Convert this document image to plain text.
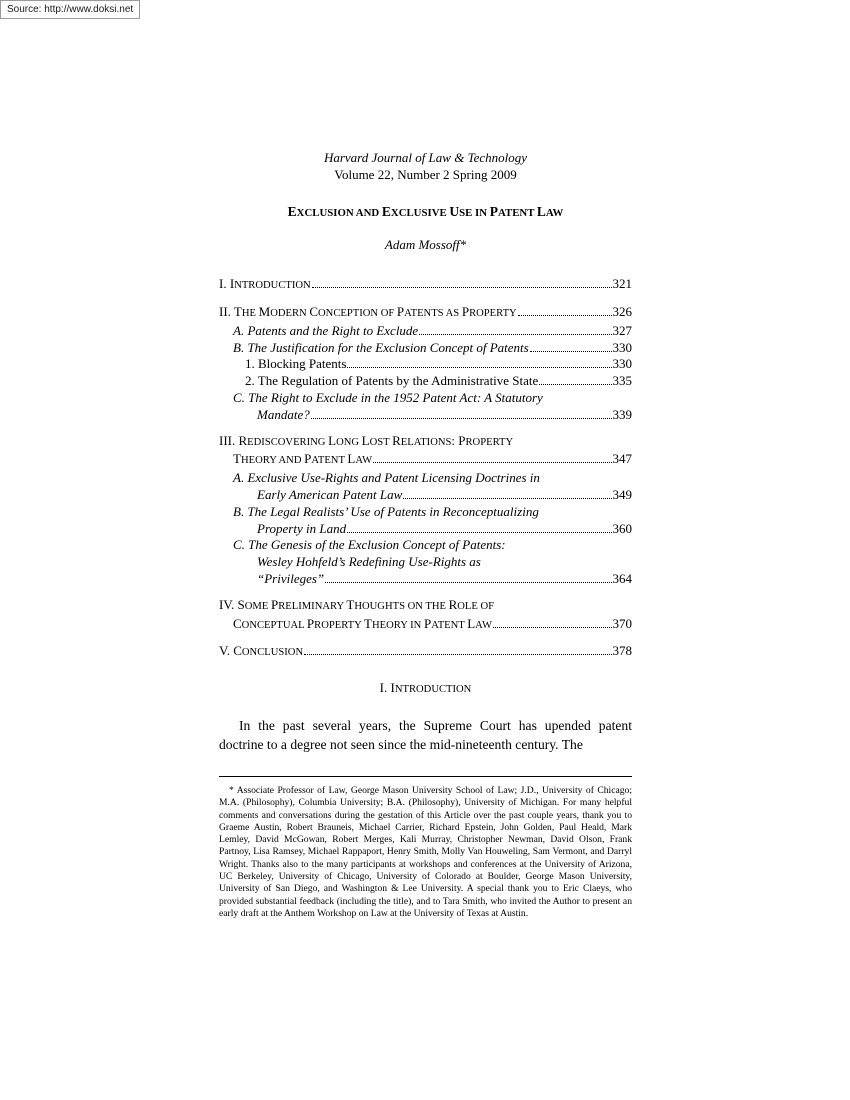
Source: http://www.doksi.net
Harvard Journal of Law & Technology
Volume 22, Number 2 Spring 2009
EXCLUSION AND EXCLUSIVE USE IN PATENT LAW
Adam Mossoff*
I. INTRODUCTION	321
II. THE MODERN CONCEPTION OF PATENTS AS PROPERTY	326
A. Patents and the Right to Exclude	327
B. The Justification for the Exclusion Concept of Patents	330
1. Blocking Patents	330
2. The Regulation of Patents by the Administrative State	335
C. The Right to Exclude in the 1952 Patent Act: A Statutory
Mandate?	339
III. REDISCOVERING LONG LOST RELATIONS: PROPERTY
THEORY AND PATENT LAW	347
A. Exclusive Use-Rights and Patent Licensing Doctrines in
Early American Patent Law	349
B. The Legal Realists’ Use of Patents in Reconceptualizing
Property in Land	360
C. The Genesis of the Exclusion Concept of Patents:
Wesley Hohfeld’s Redefining Use-Rights as
“Privileges”	364
IV. SOME PRELIMINARY THOUGHTS ON THE ROLE OF
CONCEPTUAL PROPERTY THEORY IN PATENT LAW	370
V. CONCLUSION	378
I. INTRODUCTION
In the past several years, the Supreme Court has upended patent doctrine to a degree not seen since the mid-nineteenth century. The
* Associate Professor of Law, George Mason University School of Law; J.D., University of Chicago; M.A. (Philosophy), Columbia University; B.A. (Philosophy), University of Michigan. For many helpful comments and conversations during the gestation of this Article over the past couple years, thank you to Graeme Austin, Robert Brauneis, Michael Carrier, Richard Epstein, John Golden, Paul Heald, Mark Lemley, David McGowan, Robert Merges, Kali Murray, Christopher Newman, David Olson, Frank Partnoy, Lisa Ramsey, Michael Rappaport, Henry Smith, Molly Van Houweling, Sam Vermont, and Darryl Wright. Thanks also to the many participants at workshops and conferences at the University of Arizona, UC Berkeley, University of Chicago, University of Colorado at Boulder, George Mason University, University of San Diego, and Washington & Lee University. A special thank you to Eric Claeys, who provided substantial feedback (including the title), and to Tara Smith, who invited the Author to present an early draft at the Anthem Workshop on Law at the University of Texas at Austin.
